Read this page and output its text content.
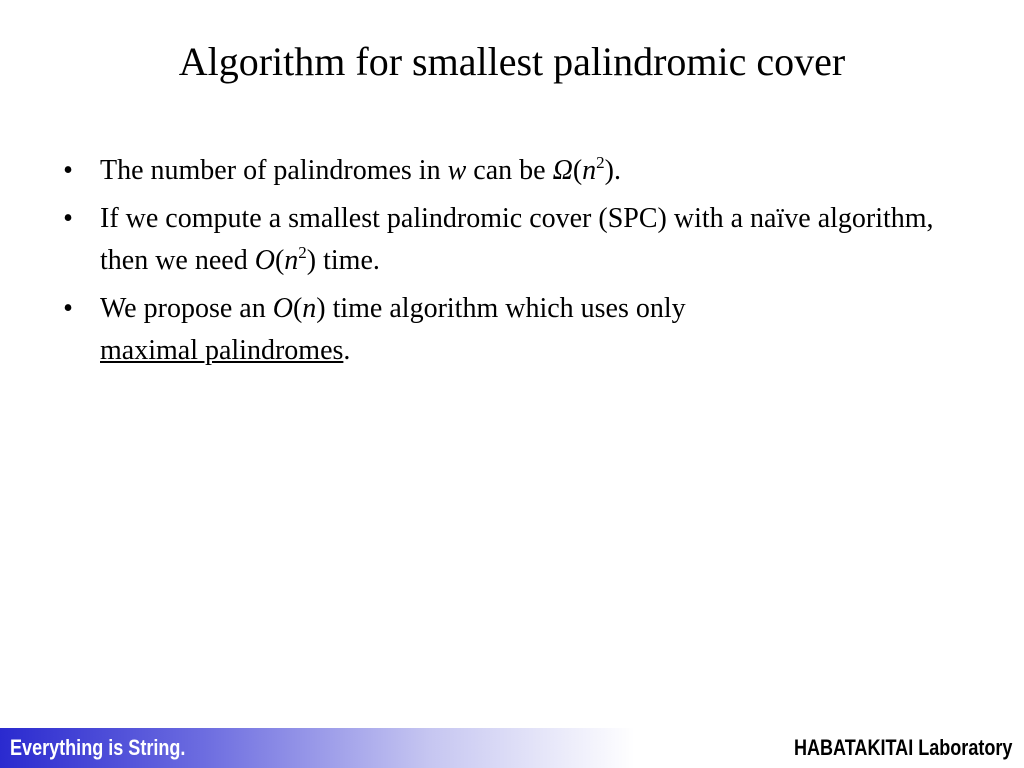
Algorithm for smallest palindromic cover
• The number of palindromes in w can be $\Omega(n^2)$.
• If we compute a smallest palindromic cover (SPC) with a naïve algorithm, then we need $O(n^2)$ time.
• We propose an O(n) time algorithm which uses only
maximal palindromes.
Everything is String.	HABATAKITAI Laboratory
